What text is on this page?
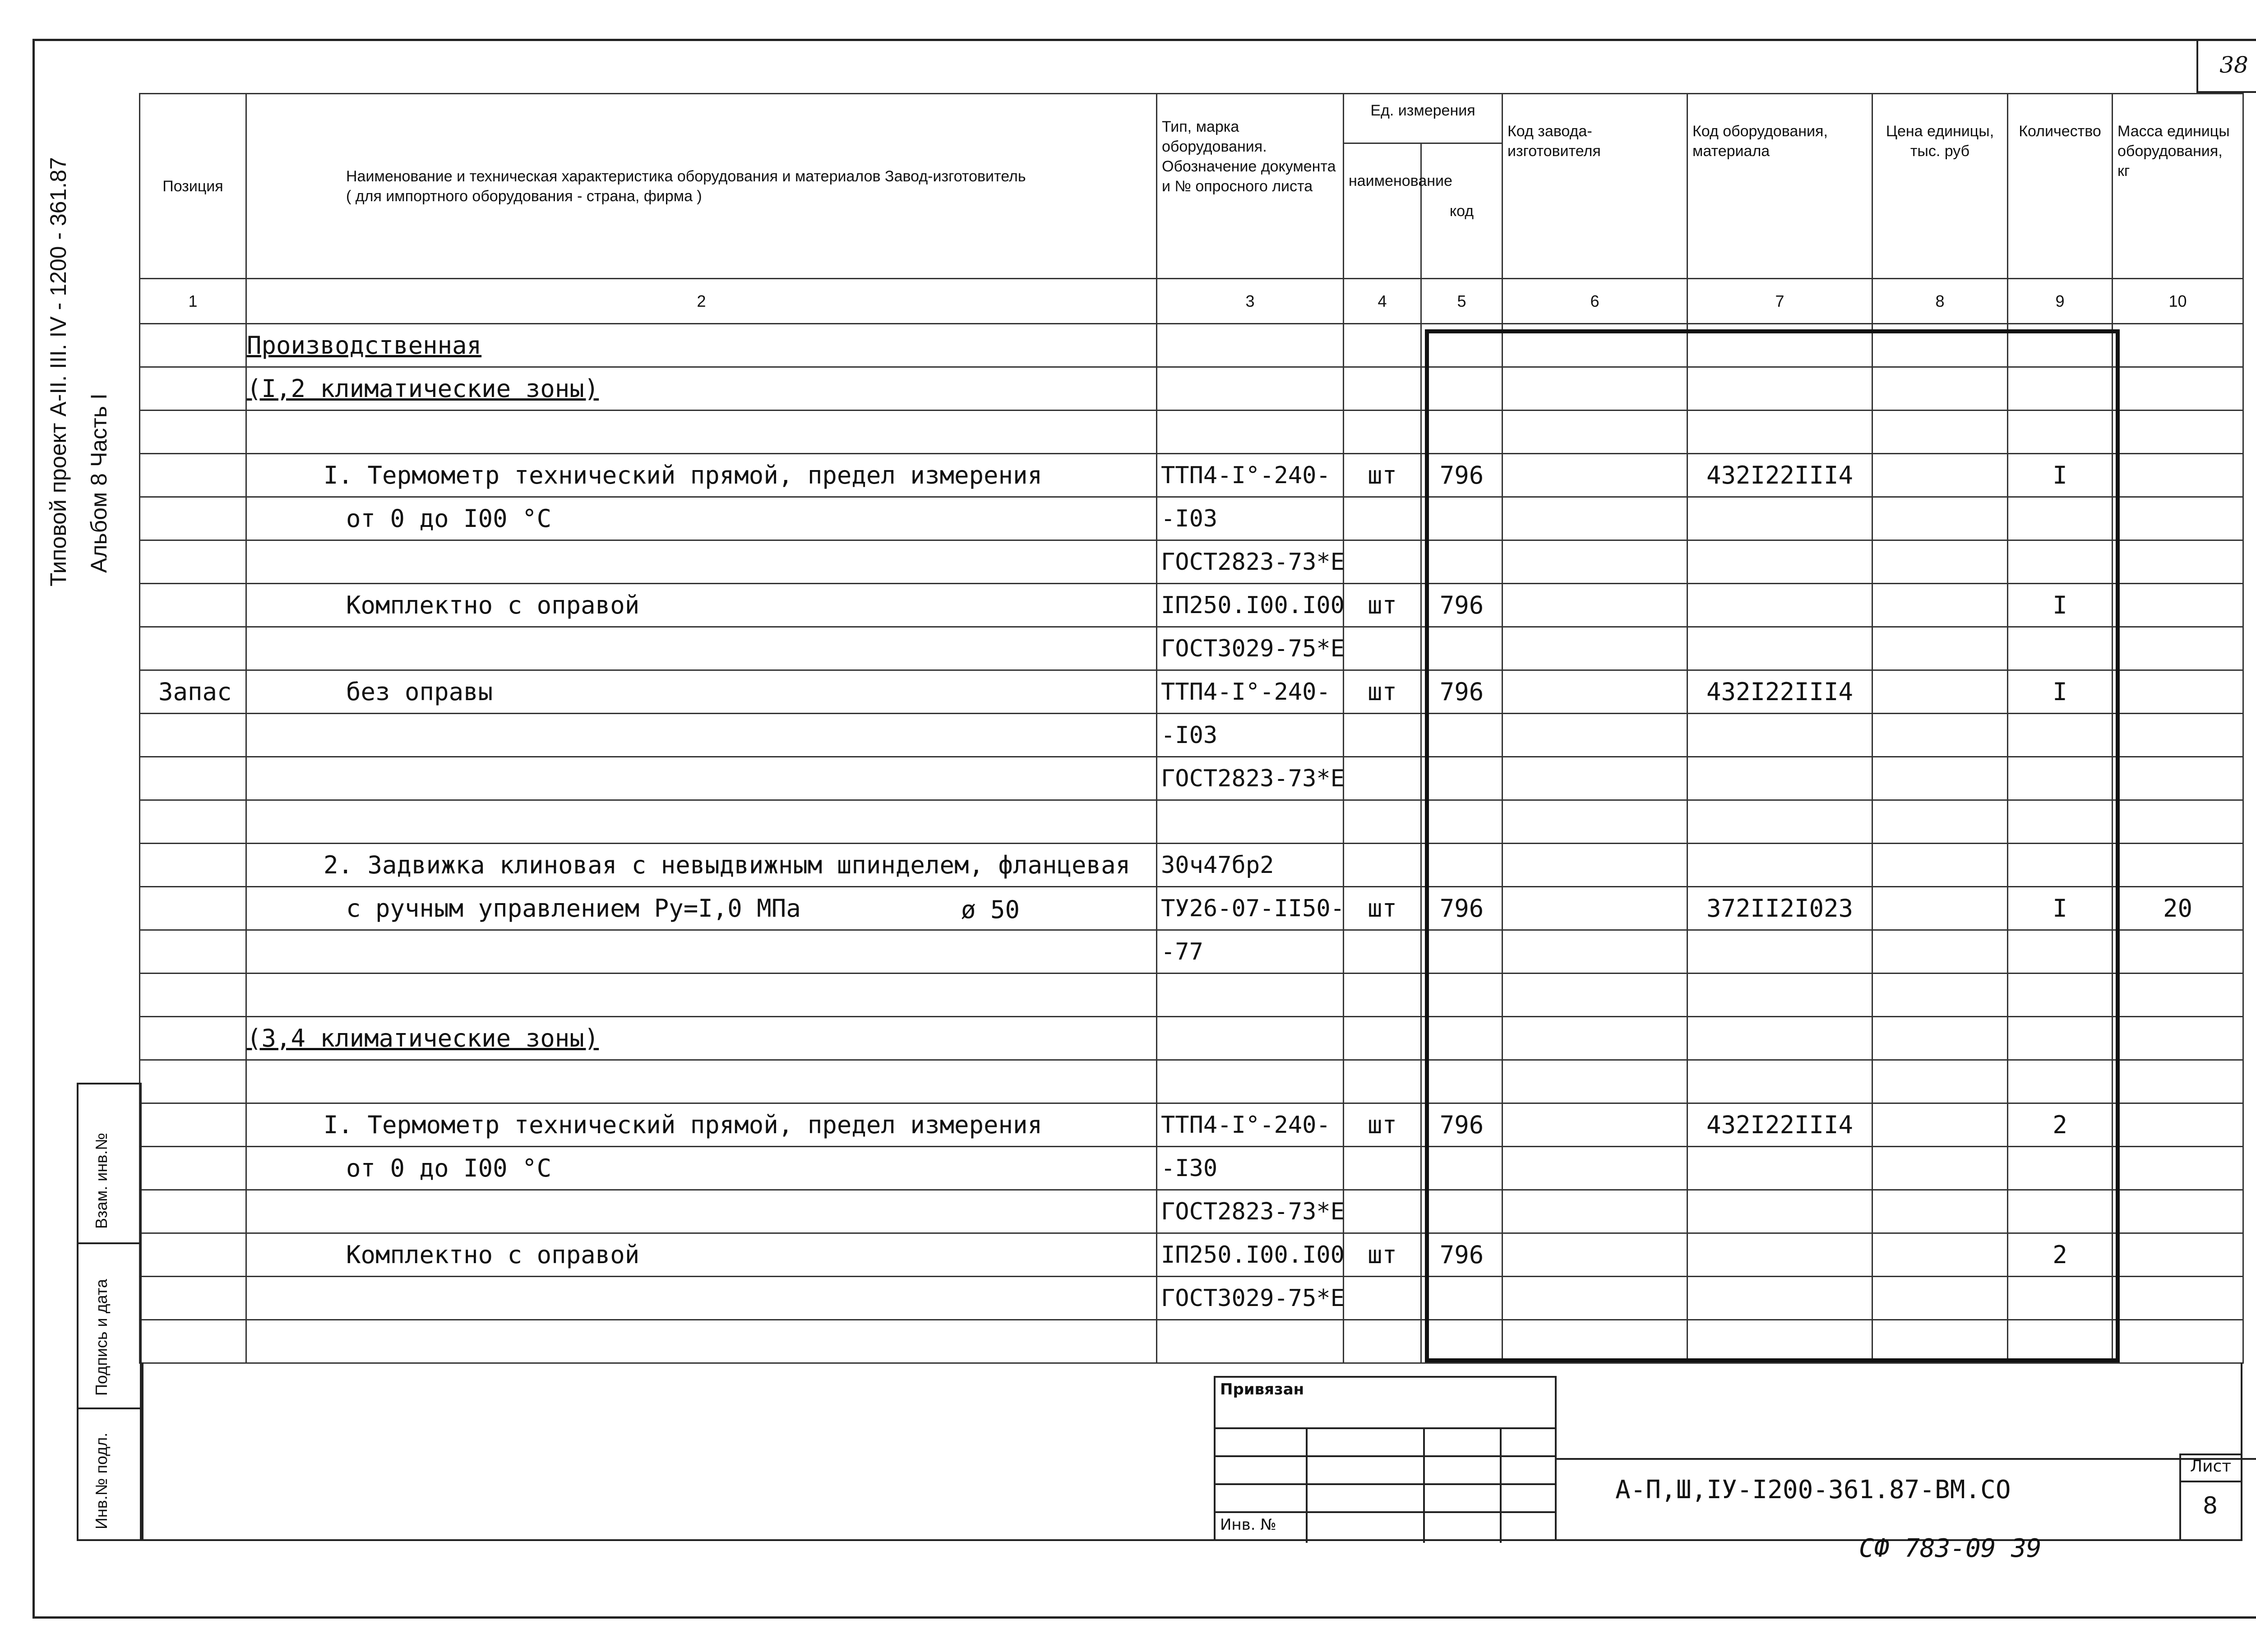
38
Типовой проект А-II. III. IV - 1200 - 361.87 Альбом 8 Часть I
Позиция	Наименование и техническая характеристика оборудования и материалов Завод-изготовитель ( для импортного оборудования - страна, фирма )	Тип, марка оборудования. Обозначение документа и № опросного листа	Ед. измерения		Код завода-изготовителя	Код оборудования, материала	Цена единицы, тыс. руб	Количество	Масса единицы оборудования, кг
			наименование	код					
1	2	3	4	5	6	7	8	9	10
	Производственная								
	(I,2 климатические зоны)								

	I. Термометр технический прямой, предел измерения	ТТП4-I°-240-	шт	796		432I22III4		I	
	от 0 до I00 °С	-I03							
		ГОСТ2823-73*Е							
	Комплектно с оправой	IП250.I00.I00	шт	796				I	
		ГОСТ3029-75*Е							
Запас	без оправы	ТТП4-I°-240-	шт	796		432I22III4		I	
		-I03							
		ГОСТ2823-73*Е							

	2. Задвижка клиновая с невыдвижным шпинделем, фланцевая	30ч47бр2							
	с ручным управлением Ру=I,0 МПа	ТУ26-07-II50-	шт	796		372II2I023		I	20
		-77							

	(3,4 климатические зоны)								

	I. Термометр технический прямой, предел измерения	ТТП4-I°-240-	шт	796		432I22III4		2	
	от 0 до I00 °С	-I30							
		ГОСТ2823-73*Е							
	Комплектно с оправой	IП250.I00.I00	шт	796				2	
		ГОСТ3029-75*Е							

ø 50
Взам. инв.№
Подпись и дата
Инв.№ подл.
Привязан
Инв. №
А-П,Ш,IУ-I200-361.87-ВМ.СО
Лист
8
СФ 783-09 39
